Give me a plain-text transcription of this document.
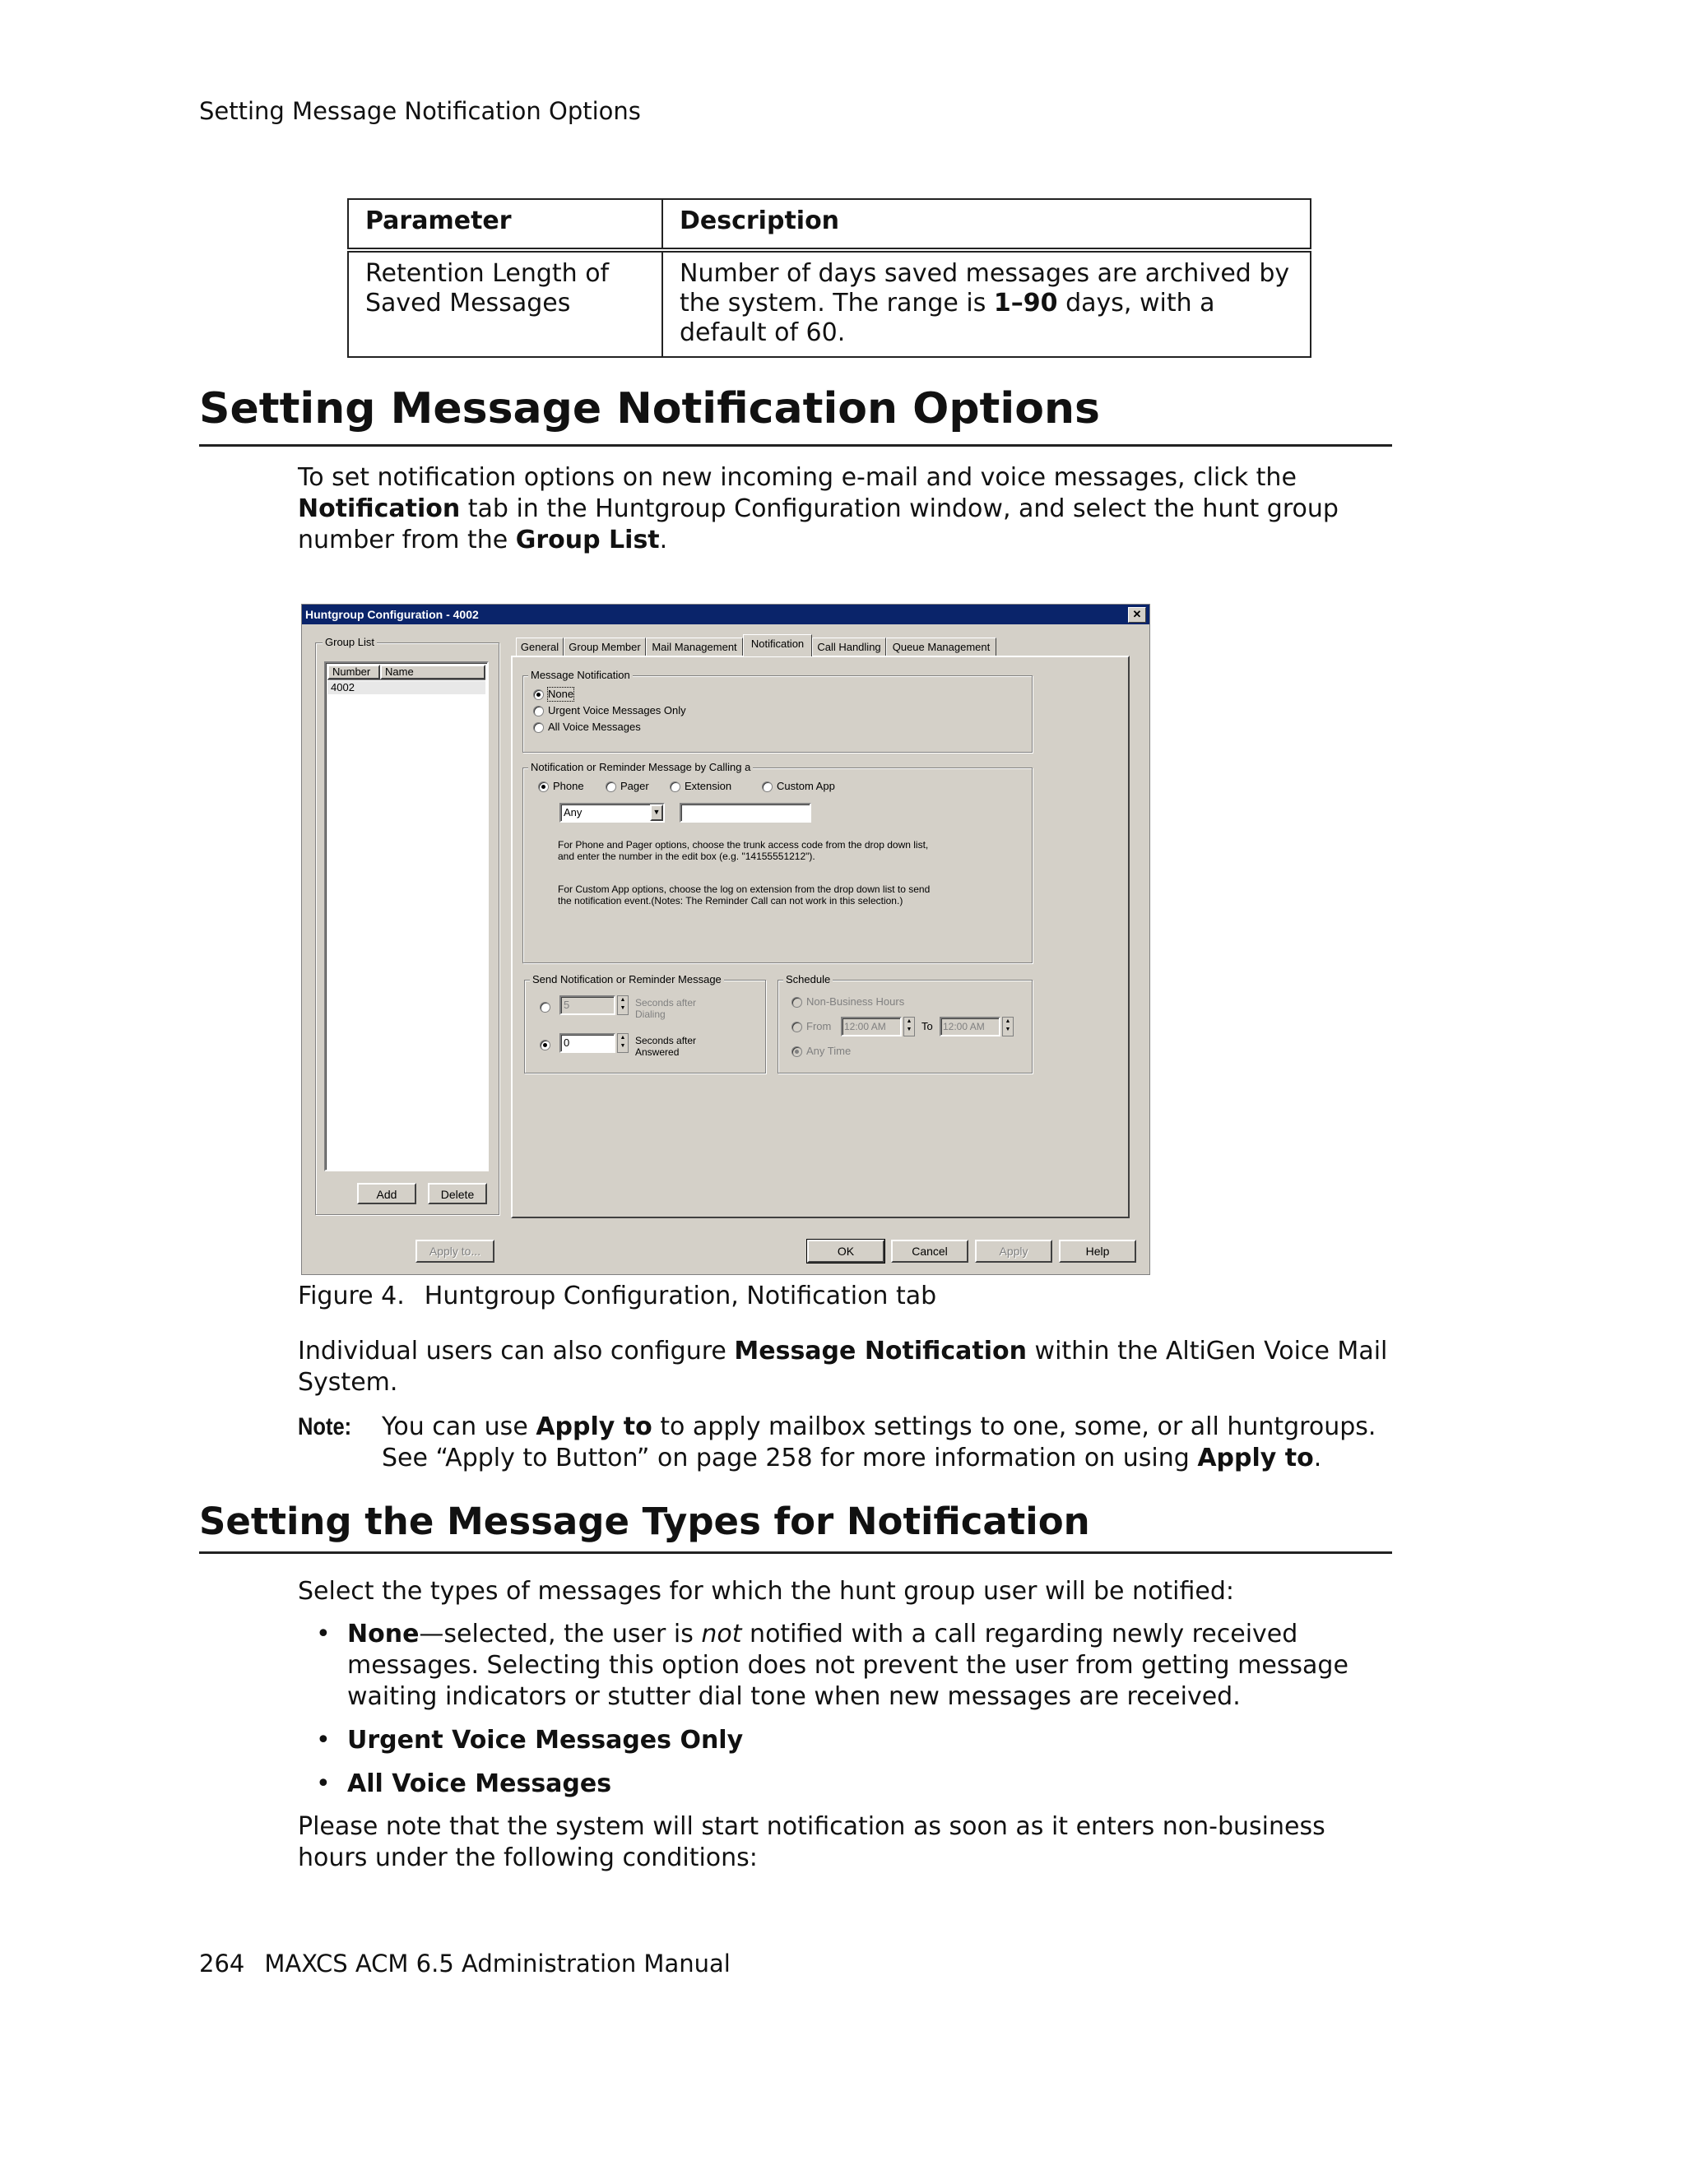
Setting Message Notification Options
Parameter	Description
Retention Length of Saved Messages	Number of days saved messages are archived by the system. The range is 1–90 days, with a default of 60.
Setting Message Notification Options
To set notification options on new incoming e-mail and voice messages, click the Notification tab in the Huntgroup Configuration window, and select the hunt group number from the Group List.
Huntgroup Configuration - 4002	✕
Group List
Number	Name
4002
Add	Delete
General Group Member	Mail Management	Notification	Call Handling	Queue Management
Message Notification
None
Urgent Voice Messages Only
All Voice Messages
Notification or Reminder Message by Calling a
Phone	Pager	Extension	Custom App
Any	▼
For Phone and Pager options, choose the trunk access code from the drop down list,
and enter the number in the edit box (e.g. "14155551212").
For Custom App options, choose the log on extension from the drop down list to send
the notification event.(Notes: The Reminder Call can not work in this selection.)
Send Notification or Reminder Message
5	▲
▼ Seconds after
Dialing
0	▲
▼ Seconds after
Answered
Schedule
Non-Business Hours
From	12:00 AM	▲
▼ To	12:00 AM	▲
▼
Any Time
Apply to...	OK	Cancel	Apply	Help
Figure 4. Huntgroup Configuration, Notification tab
Individual users can also configure Message Notification within the AltiGen Voice Mail System.
Note: You can use Apply to to apply mailbox settings to one, some, or all huntgroups. See “Apply to Button” on page 258 for more information on using Apply to.
Setting the Message Types for Notification
Select the types of messages for which the hunt group user will be notified:
• None—selected, the user is not notified with a call regarding newly received messages. Selecting this option does not prevent the user from getting message waiting indicators or stutter dial tone when new messages are received.
• Urgent Voice Messages Only
• All Voice Messages
Please note that the system will start notification as soon as it enters non-business hours under the following conditions:
264 MAXCS ACM 6.5 Administration Manual
